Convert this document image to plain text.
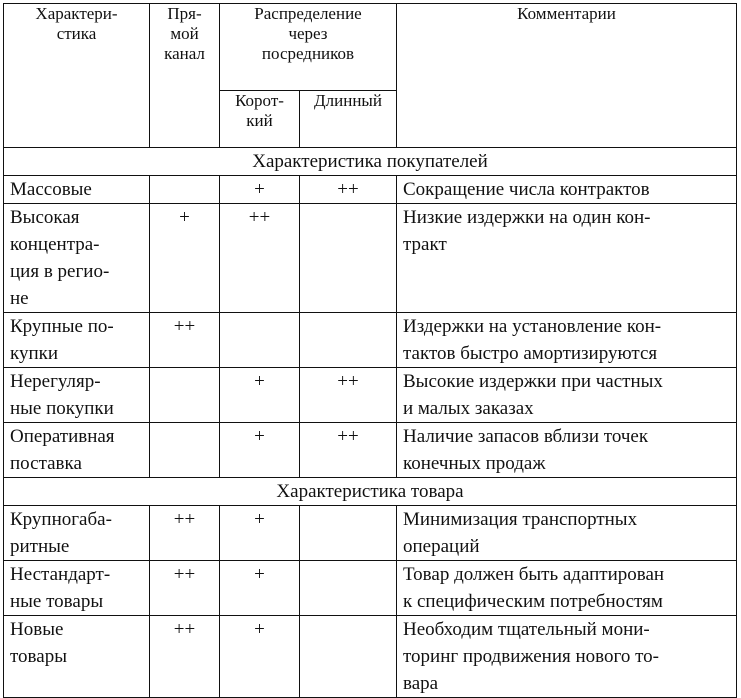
Характери-
стика	Пря-
мой
канал	Распределение
через
посредников		Комментарии
		Корот-
кий	Длинный	
Характеристика покупателей				
Массовые		+	++	Сокращение числа контрактов
Высокая
концентра-
ция в регио-
не	+	++		Низкие издержки на один кон-
тракт
Крупные по-
купки	++			Издержки на установление кон-
тактов быстро амортизируются
Нерегуляр-
ные покупки		+	++	Высокие издержки при частных
и малых заказах
Оперативная
поставка		+	++	Наличие запасов вблизи точек
конечных продаж
Характеристика товара				
Крупногаба-
ритные	++	+		Минимизация транспортных
операций
Нестандарт-
ные товары	++	+		Товар должен быть адаптирован
к специфическим потребностям
Новые
товары	++	+		Необходим тщательный мони-
торинг продвижения нового то-
вара
